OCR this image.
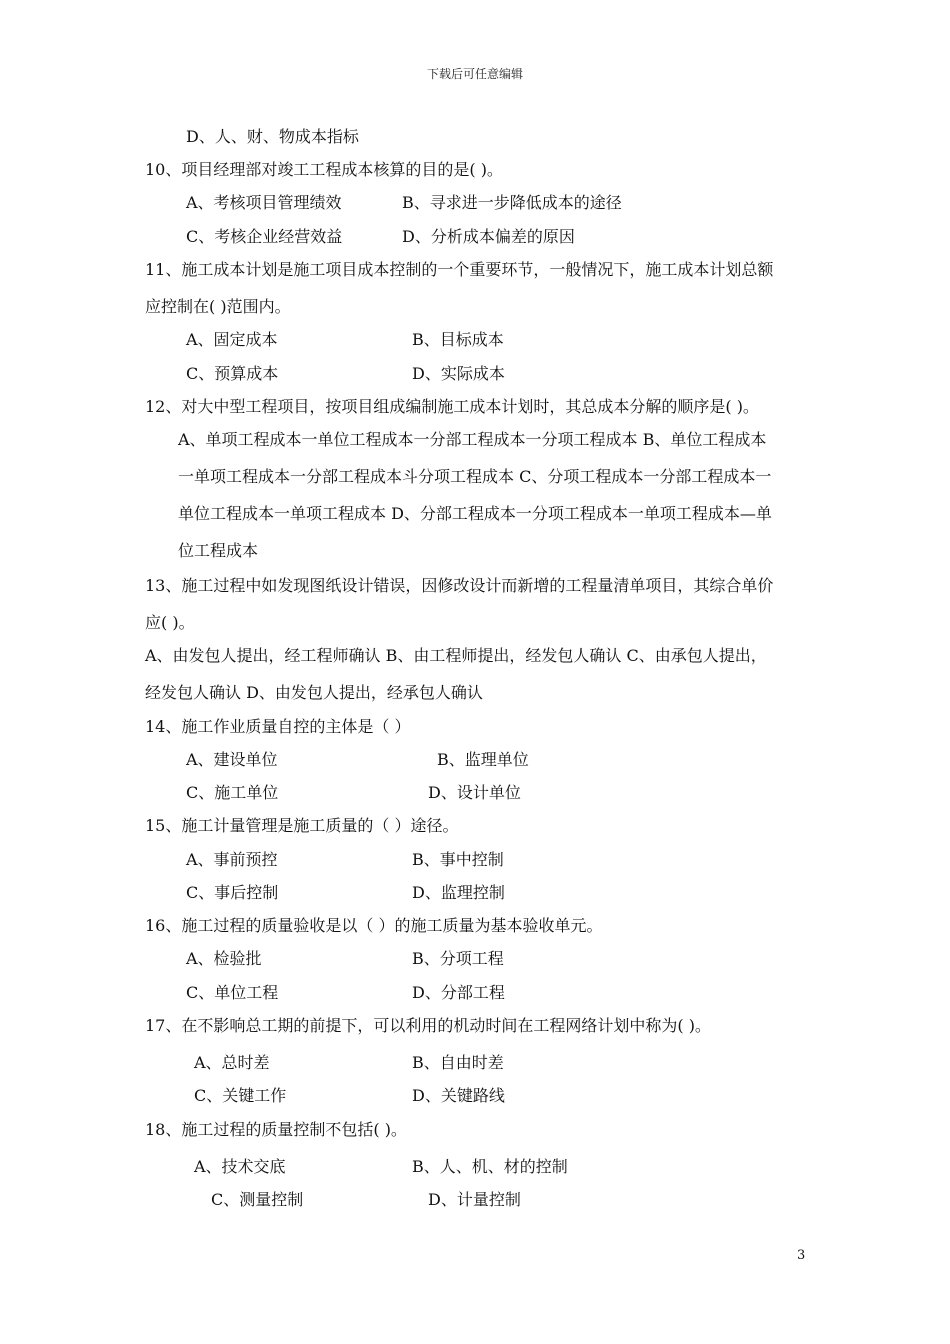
下载后可任意编辑
D、人、财、物成本指标
10、项目经理部对竣工工程成本核算的目的是( )。
A、考核项目管理绩效	B、寻求进一步降低成本的途径
C、考核企业经营效益	D、分析成本偏差的原因
11、施工成本计划是施工项目成本控制的一个重要环节，一般情况下，施工成本计划总额
应控制在( )范围内。
A、固定成本	B、目标成本
C、预算成本	D、实际成本
12、对大中型工程项目，按项目组成编制施工成本计划时，其总成本分解的顺序是( )。
A、单项工程成本一单位工程成本一分部工程成本一分项工程成本 B、单位工程成本
一单项工程成本一分部工程成本斗分项工程成本 C、分项工程成本一分部工程成本一
单位工程成本一单项工程成本 D、分部工程成本一分项工程成本一单项工程成本—单
位工程成本
13、施工过程中如发现图纸设计错误，因修改设计而新增的工程量清单项目，其综合单价
应( )。
A、由发包人提出，经工程师确认 B、由工程师提出，经发包人确认 C、由承包人提出，
经发包人确认 D、由发包人提出，经承包人确认
14、施工作业质量自控的主体是（ ）
A、建设单位	B、监理单位
C、施工单位	D、设计单位
15、施工计量管理是施工质量的（ ）途径。
A、事前预控	B、事中控制
C、事后控制	D、监理控制
16、施工过程的质量验收是以（ ）的施工质量为基本验收单元。
A、检验批	B、分项工程
C、单位工程	D、分部工程
17、在不影响总工期的前提下，可以利用的机动时间在工程网络计划中称为( )。
A、总时差	B、自由时差
C、关键工作	D、关键路线
18、施工过程的质量控制不包括( )。
A、技术交底	B、人、机、材的控制
C、测量控制	D、计量控制
3
